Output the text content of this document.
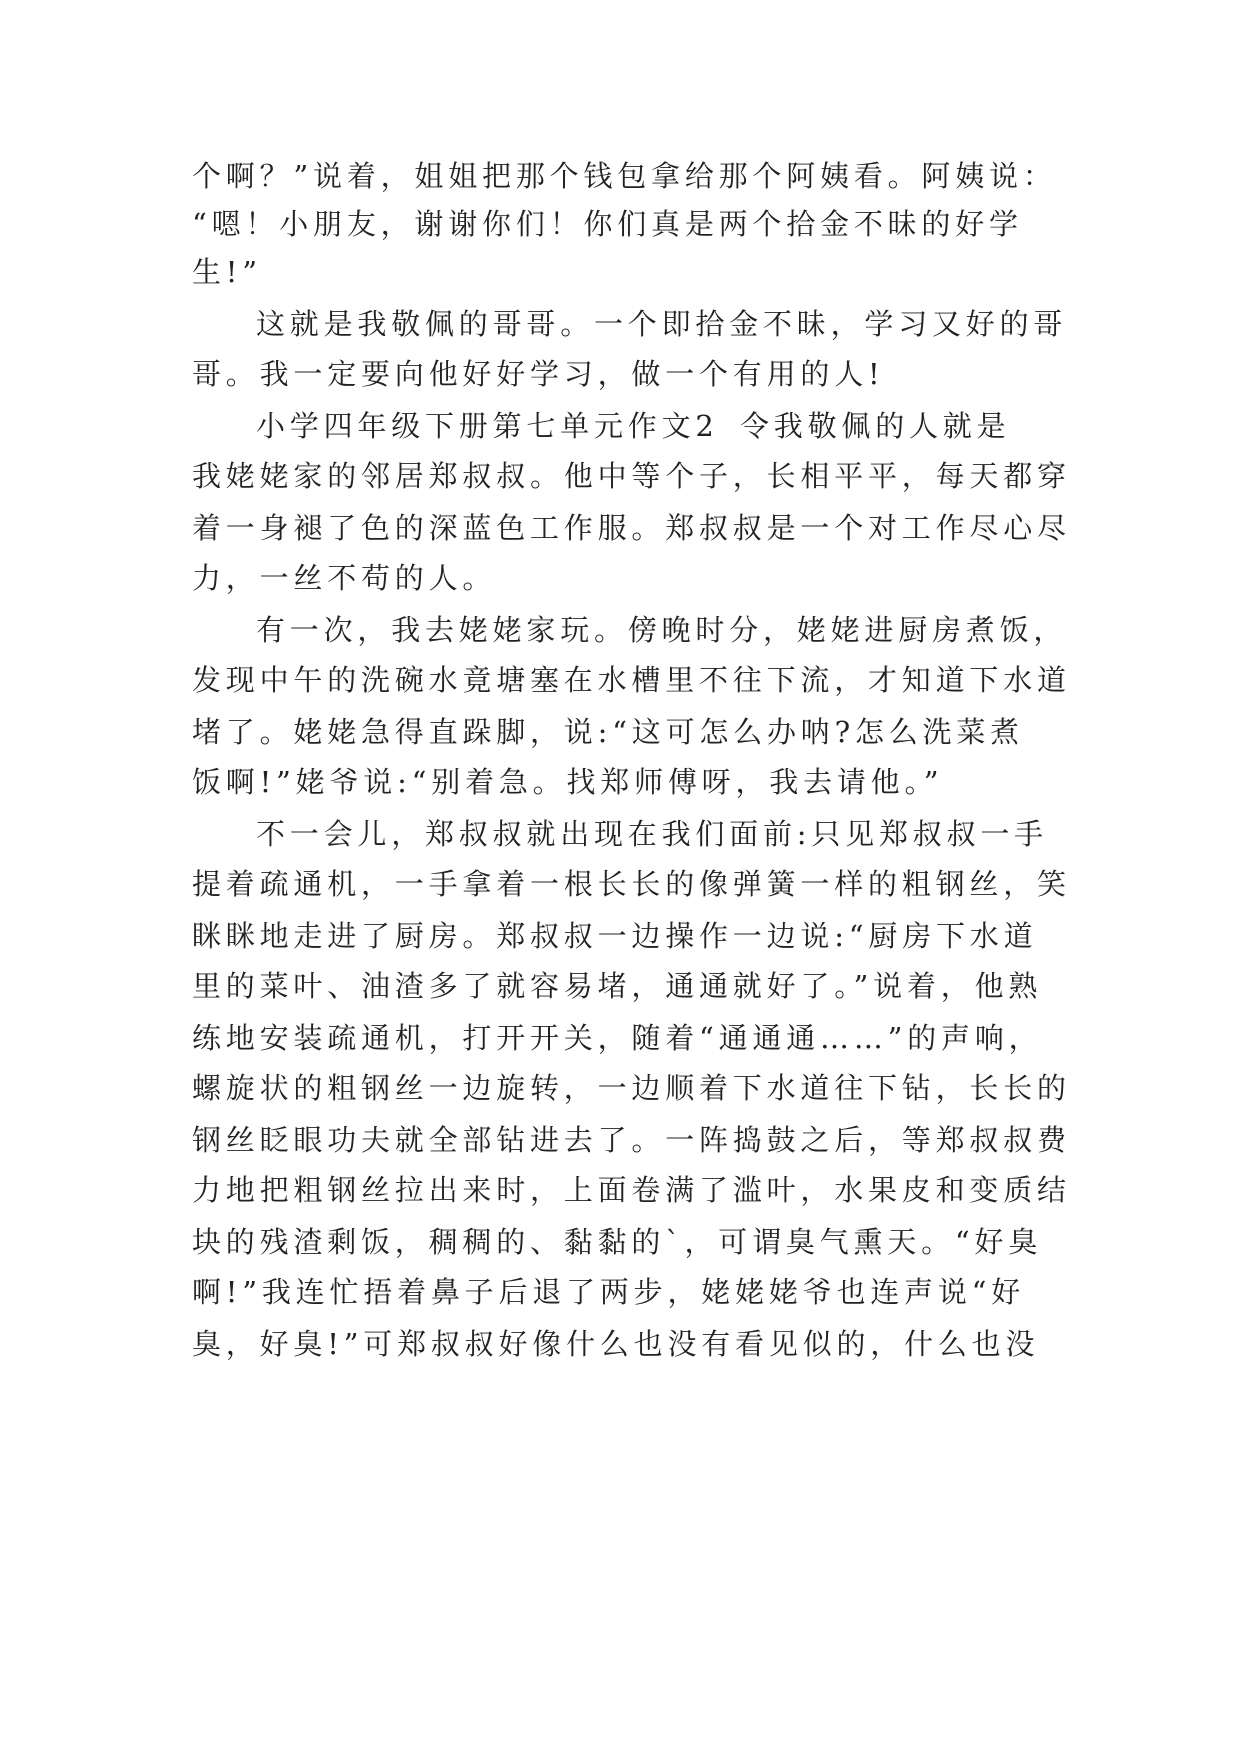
个啊？”说着，姐姐把那个钱包拿给那个阿姨看。阿姨说：
“嗯！小朋友，谢谢你们！你们真是两个拾金不昧的好学
生!”
这就是我敬佩的哥哥。一个即拾金不昧，学习又好的哥
哥。我一定要向他好好学习，做一个有用的人!
小学四年级下册第七单元作文2 令我敬佩的人就是
我姥姥家的邻居郑叔叔。他中等个子，长相平平，每天都穿
着一身褪了色的深蓝色工作服。郑叔叔是一个对工作尽心尽
力，一丝不苟的人。
有一次，我去姥姥家玩。傍晚时分，姥姥进厨房煮饭，
发现中午的洗碗水竟塘塞在水槽里不往下流，才知道下水道
堵了。姥姥急得直跺脚，说:“这可怎么办呐?怎么洗菜煮
饭啊!”姥爷说:“别着急。找郑师傅呀，我去请他。”
不一会儿，郑叔叔就出现在我们面前:只见郑叔叔一手
提着疏通机，一手拿着一根长长的像弹簧一样的粗钢丝，笑
眯眯地走进了厨房。郑叔叔一边操作一边说:“厨房下水道
里的菜叶、油渣多了就容易堵，通通就好了。”说着，他熟
练地安装疏通机，打开开关，随着“通通通……”的声响，
螺旋状的粗钢丝一边旋转，一边顺着下水道往下钻，长长的
钢丝眨眼功夫就全部钻进去了。一阵捣鼓之后，等郑叔叔费
力地把粗钢丝拉出来时，上面卷满了滥叶，水果皮和变质结
块的残渣剩饭，稠稠的、黏黏的`，可谓臭气熏天。“好臭
啊!”我连忙捂着鼻子后退了两步，姥姥姥爷也连声说“好
臭，好臭!”可郑叔叔好像什么也没有看见似的，什么也没
